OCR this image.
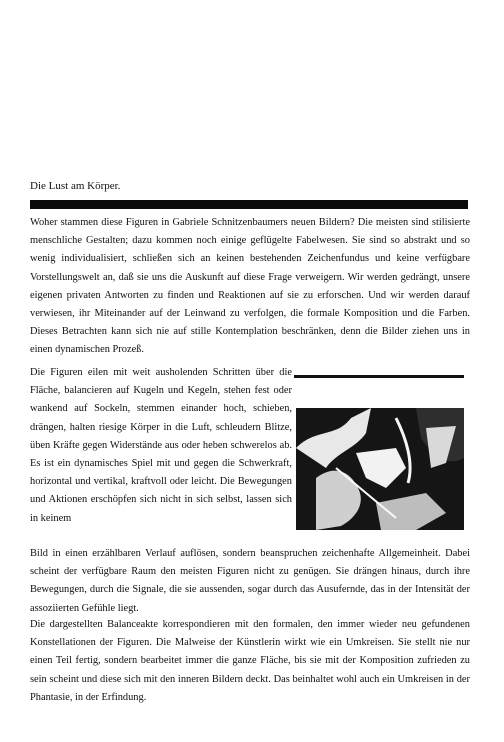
Die Lust am Körper.

Woher stammen diese Figuren in Gabriele Schnitzenbaumers neuen Bildern? Die meisten sind stilisierte menschliche Gestalten; dazu kommen noch einige geflügelte Fabelwesen. Sie sind so abstrakt und so wenig individualisiert, schließen sich an keinen bestehenden Zeichenfundus und keine verfügbare Vorstellungswelt an, daß sie uns die Auskunft auf diese Frage verweigern. Wir werden gedrängt, unsere eigenen privaten Antworten zu finden und Reaktionen auf sie zu erforschen. Und wir werden darauf verwiesen, ihr Miteinander auf der Leinwand zu verfolgen, die formale Komposition und die Farben. Dieses Betrachten kann sich nie auf stille Kontemplation beschränken, denn die Bilder ziehen uns in einen dynamischen Prozeß.

Die Figuren eilen mit weit ausholenden Schritten über die Fläche, balancieren auf Kugeln und Kegeln, stehen fest oder wankend auf Sockeln, stemmen einander hoch, schieben, drängen, halten riesige Körper in die Luft, schleudern Blitze, üben Kräfte gegen Widerstände aus oder heben schwerelos ab. Es ist ein dynamisches Spiel mit und gegen die Schwerkraft, horizontal und vertikal, kraftvoll oder leicht. Die Bewegungen und Aktionen erschöpfen sich nicht in sich selbst, lassen sich in keinem

Bild in einen erzählbaren Verlauf auflösen, sondern beanspruchen zeichenhafte Allgemeinheit. Dabei scheint der verfügbare Raum den meisten Figuren nicht zu genügen. Sie drängen hinaus, durch ihre Bewegungen, durch die Signale, die sie aussenden, sogar durch das Ausufernde, das in der Intensität der assoziierten Gefühle liegt.

Die dargestellten Balanceakte korrespondieren mit den formalen, den immer wieder neu gefundenen Konstellationen der Figuren. Die Malweise der Künstlerin wirkt wie ein Umkreisen. Sie stellt nie nur einen Teil fertig, sondern bearbeitet immer die ganze Fläche, bis sie mit der Komposition zufrieden zu sein scheint und diese sich mit den inneren Bildern deckt. Das beinhaltet wohl auch ein Umkreisen in der Phantasie, in der Erfindung.
